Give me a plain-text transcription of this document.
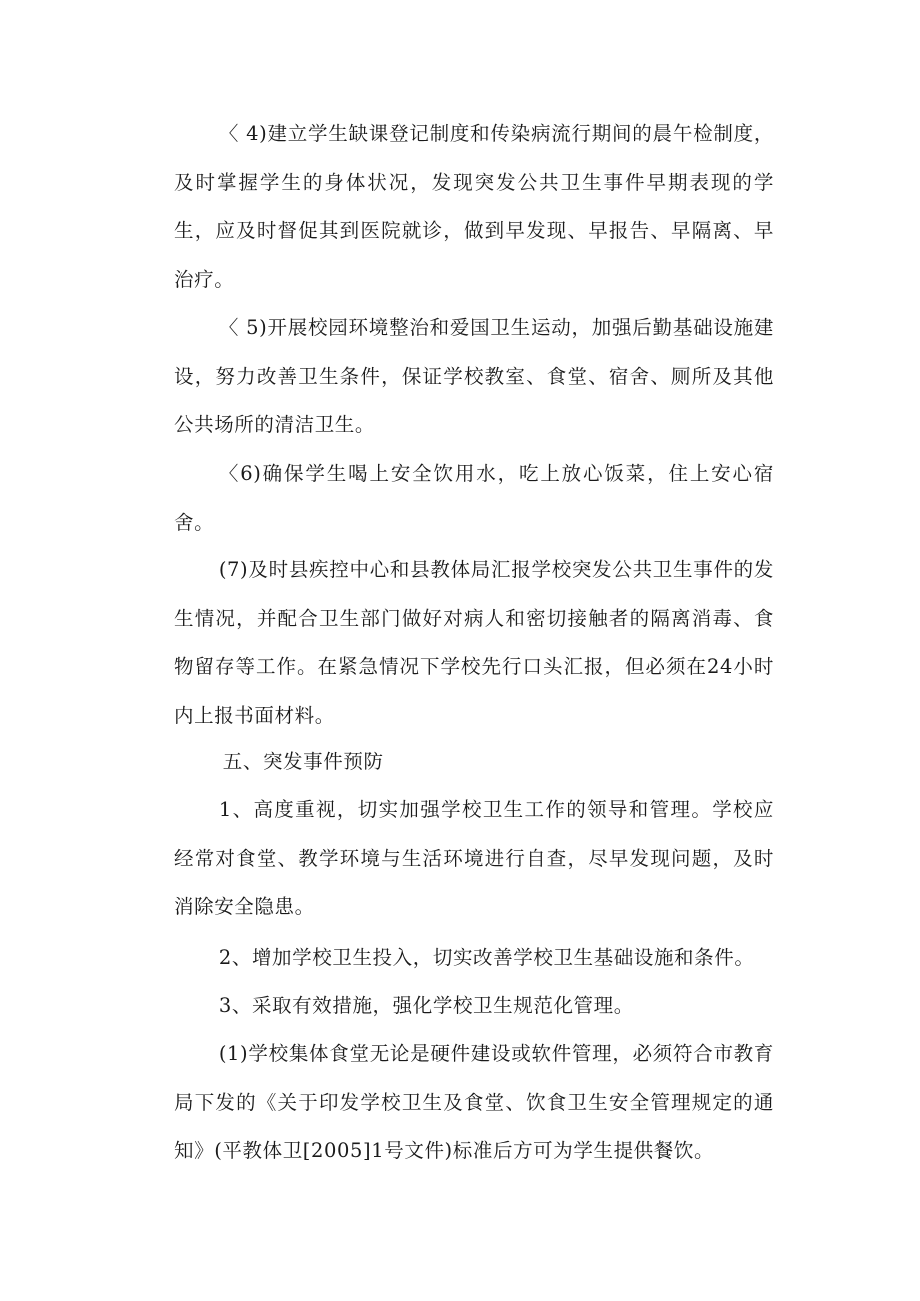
〈 4)建立学生缺课登记制度和传染病流行期间的晨午检制度，及时掌握学生的身体状况，发现突发公共卫生事件早期表现的学生，应及时督促其到医院就诊，做到早发现、早报告、早隔离、早治疗。

〈 5)开展校园环境整治和爱国卫生运动，加强后勤基础设施建设，努力改善卫生条件，保证学校教室、食堂、宿舍、厕所及其他公共场所的清洁卫生。

〈6)确保学生喝上安全饮用水，吃上放心饭菜，住上安心宿舍。

(7)及时县疾控中心和县教体局汇报学校突发公共卫生事件的发生情况，并配合卫生部门做好对病人和密切接触者的隔离消毒、食物留存等工作。在紧急情况下学校先行口头汇报，但必须在24小时内上报书面材料。

五、突发事件预防

1、高度重视，切实加强学校卫生工作的领导和管理。学校应经常对食堂、教学环境与生活环境进行自查，尽早发现问题，及时消除安全隐患。

2、增加学校卫生投入，切实改善学校卫生基础设施和条件。

3、采取有效措施，强化学校卫生规范化管理。

(1)学校集体食堂无论是硬件建设或软件管理，必须符合市教育局下发的《关于印发学校卫生及食堂、饮食卫生安全管理规定的通知》(平教体卫[2005]1号文件)标准后方可为学生提供餐饮。
